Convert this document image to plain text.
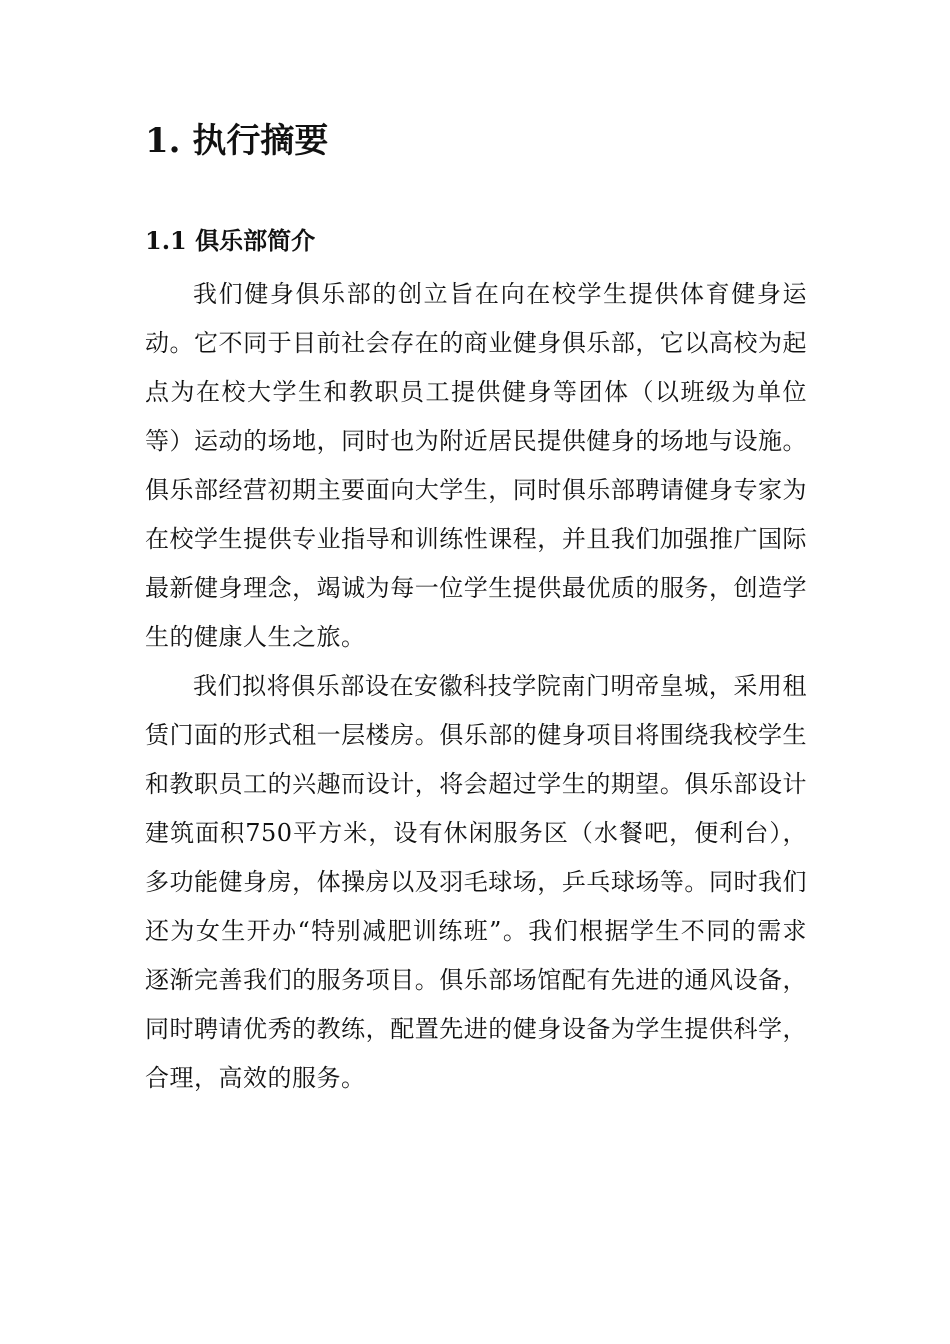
1. 执行摘要
1.1 俱乐部简介

我们健身俱乐部的创立旨在向在校学生提供体育健身运动。它不同于目前社会存在的商业健身俱乐部，它以高校为起点为在校大学生和教职员工提供健身等团体（以班级为单位等）运动的场地，同时也为附近居民提供健身的场地与设施。俱乐部经营初期主要面向大学生，同时俱乐部聘请健身专家为在校学生提供专业指导和训练性课程，并且我们加强推广国际最新健身理念，竭诚为每一位学生提供最优质的服务，创造学生的健康人生之旅。

我们拟将俱乐部设在安徽科技学院南门明帝皇城，采用租赁门面的形式租一层楼房。俱乐部的健身项目将围绕我校学生和教职员工的兴趣而设计，将会超过学生的期望。俱乐部设计建筑面积750平方米，设有休闲服务区（水餐吧，便利台），多功能健身房，体操房以及羽毛球场，乒乓球场等。同时我们还为女生开办“特别减肥训练班”。我们根据学生不同的需求逐渐完善我们的服务项目。俱乐部场馆配有先进的通风设备，同时聘请优秀的教练，配置先进的健身设备为学生提供科学，合理，高效的服务。
